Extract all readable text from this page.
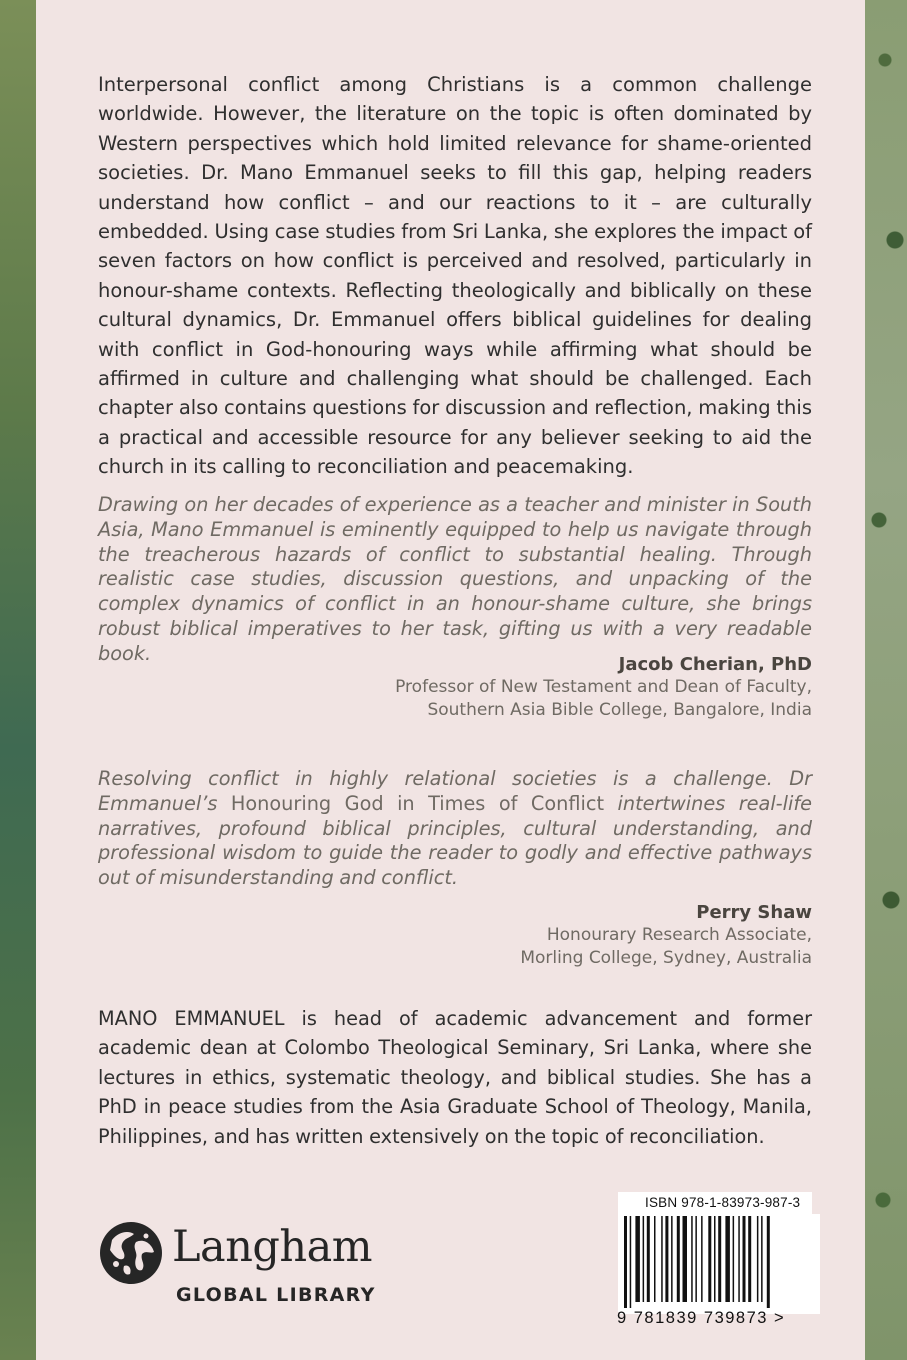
Interpersonal conflict among Christians is a common challenge worldwide. However, the literature on the topic is often dominated by Western perspectives which hold limited relevance for shame-oriented societies. Dr. Mano Emmanuel seeks to fill this gap, helping readers understand how conflict – and our reactions to it – are culturally embedded. Using case studies from Sri Lanka, she explores the impact of seven factors on how conflict is perceived and resolved, particularly in honour-shame contexts. Reflecting theologically and biblically on these cultural dynamics, Dr. Emmanuel offers biblical guidelines for dealing with conflict in God-honouring ways while affirming what should be affirmed in culture and challenging what should be challenged. Each chapter also contains questions for discussion and reflection, making this a practical and accessible resource for any believer seeking to aid the church in its calling to reconciliation and peacemaking.

Drawing on her decades of experience as a teacher and minister in South Asia, Mano Emmanuel is eminently equipped to help us navigate through the treacherous hazards of conflict to substantial healing. Through realistic case studies, discussion questions, and unpacking of the complex dynamics of conflict in an honour-shame culture, she brings robust biblical imperatives to her task, gifting us with a very readable book.	Jacob Cherian, PhD
Professor of New Testament and Dean of Faculty,
Southern Asia Bible College, Bangalore, India

Resolving conflict in highly relational societies is a challenge. Dr Emmanuel’s Honouring God in Times of Conflict intertwines real-life narratives, profound biblical principles, cultural understanding, and professional wisdom to guide the reader to godly and effective pathways out of misunderstanding and conflict.

Perry Shaw
Honourary Research Associate,
Morling College, Sydney, Australia

MANO EMMANUEL is head of academic advancement and former academic dean at Colombo Theological Seminary, Sri Lanka, where she lectures in ethics, systematic theology, and biblical studies. She has a PhD in peace studies from the Asia Graduate School of Theology, Manila, Philippines, and has written extensively on the topic of reconciliation.

Langham
GLOBAL LIBRARY
ISBN 978-1-83973-987-3
9 781839 739873 >
